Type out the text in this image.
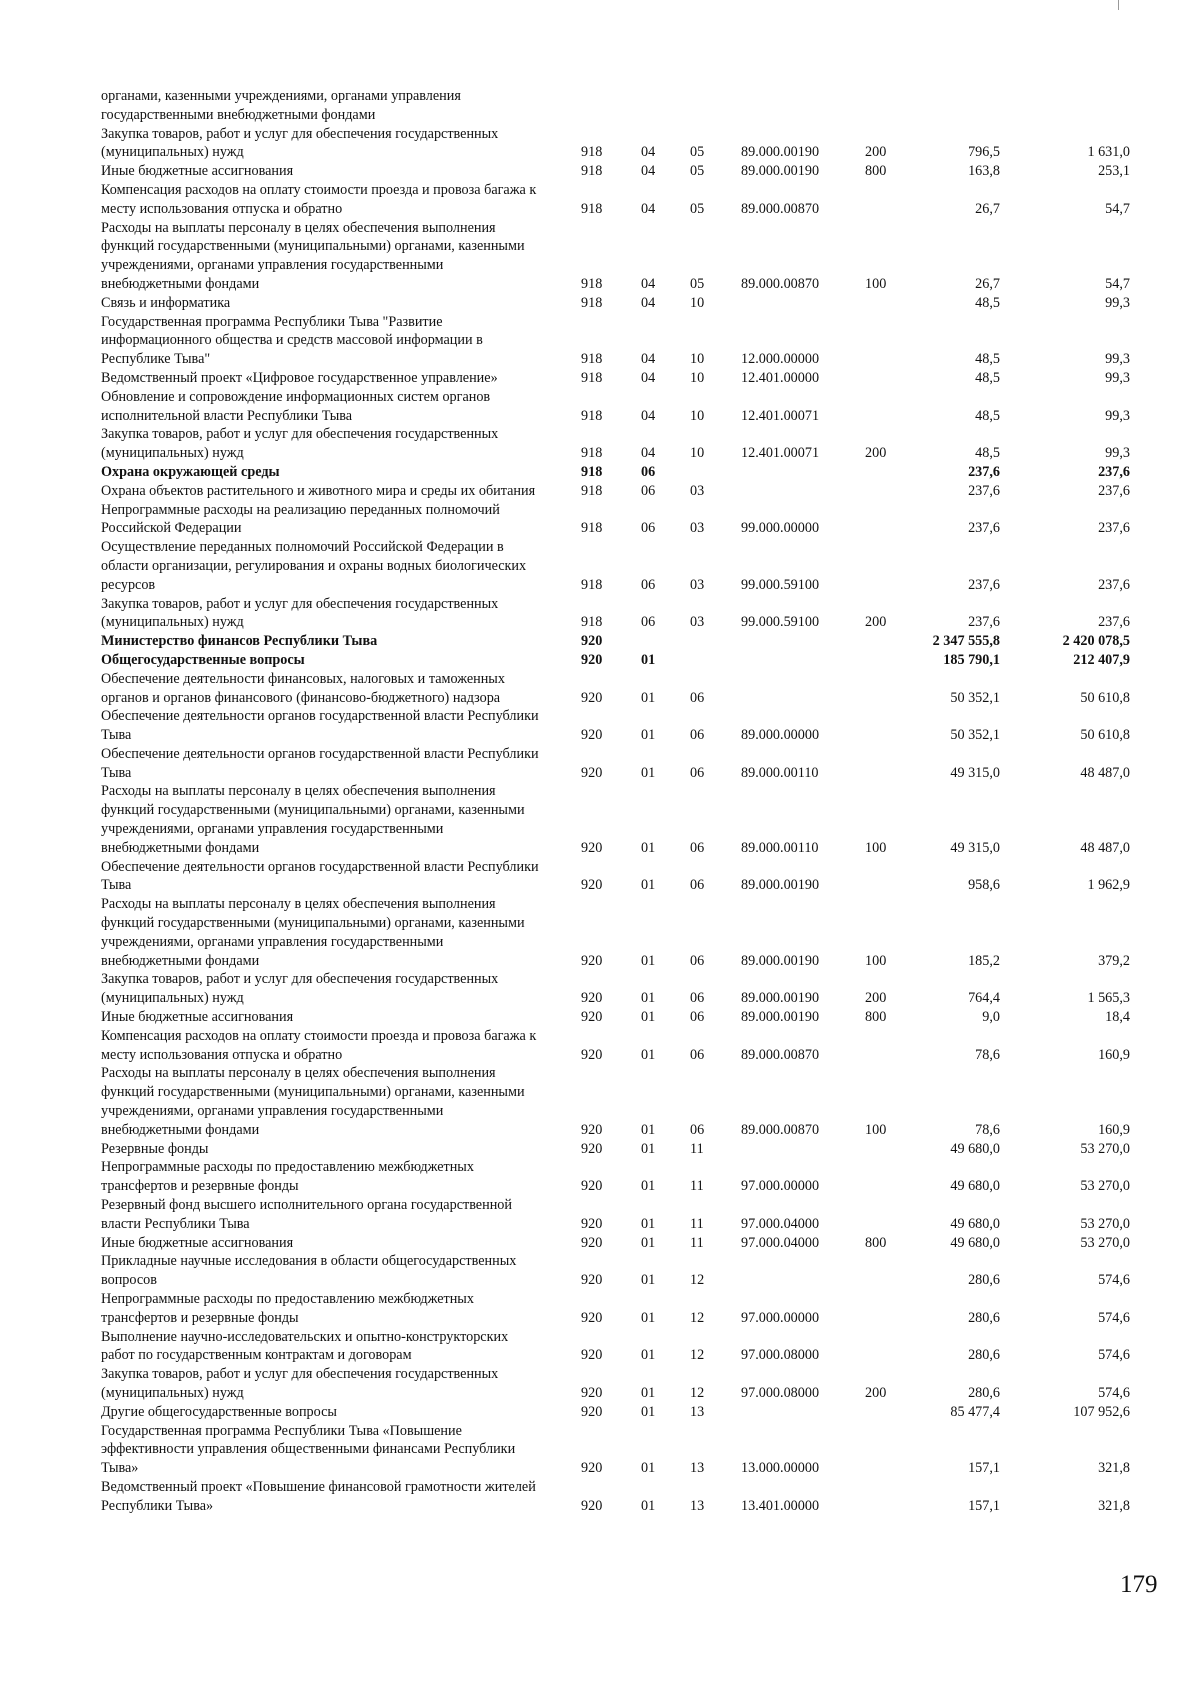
органами, казенными учреждениями, органами управления государственными внебюджетными фондами
Закупка товаров, работ и услуг для обеспечения государственных (муниципальных) нужд	918	04 05	89.000.00190	200	796,5	1 631,0
Иные бюджетные ассигнования	918	04 05	89.000.00190	800	163,8	253,1
Компенсация расходов на оплату стоимости проезда и провоза багажа к месту использования отпуска и обратно	918	04 05	89.000.00870	26,7	54,7
Расходы на выплаты персоналу в целях обеспечения выполнения функций государственными (муниципальными) органами, казенными учреждениями, органами управления государственными внебюджетными фондами	918	04 05	89.000.00870	100	26,7	54,7
Связь и информатика	918	04 10	48,5	99,3
Государственная программа Республики Тыва "Развитие информационного общества и средств массовой информации в Республике Тыва"	918	04 10	12.000.00000	48,5	99,3
Ведомственный проект «Цифровое государственное управление»	918	04 10	12.401.00000	48,5	99,3
Обновление и сопровождение информационных систем органов исполнительной власти Республики Тыва	918	04 10	12.401.00071	48,5	99,3
Закупка товаров, работ и услуг для обеспечения государственных (муниципальных) нужд	918	04 10	12.401.00071	200	48,5	99,3
Охрана окружающей среды	918	06	237,6	237,6
Охрана объектов растительного и животного мира и среды их обитания	918	06 03	237,6	237,6
Непрограммные расходы на реализацию переданных полномочий Российской Федерации	918	06 03	99.000.00000	237,6	237,6
Осуществление переданных полномочий Российской Федерации в области организации, регулирования и охраны водных биологических ресурсов	918	06 03	99.000.59100	237,6	237,6
Закупка товаров, работ и услуг для обеспечения государственных (муниципальных) нужд	918	06 03	99.000.59100	200	237,6	237,6
Министерство финансов Республики Тыва	920	2 347 555,8	2 420 078,5
Общегосударственные вопросы	920	01	185 790,1	212 407,9
Обеспечение деятельности финансовых, налоговых и таможенных органов и органов финансового (финансово-бюджетного) надзора	920	01 06	50 352,1	50 610,8
Обеспечение деятельности органов государственной власти Республики Тыва	920	01 06	89.000.00000	50 352,1	50 610,8
Обеспечение деятельности органов государственной власти Республики Тыва	920	01 06	89.000.00110	49 315,0	48 487,0
Расходы на выплаты персоналу в целях обеспечения выполнения функций государственными (муниципальными) органами, казенными учреждениями, органами управления государственными внебюджетными фондами	920	01 06	89.000.00110	100	49 315,0	48 487,0
Обеспечение деятельности органов государственной власти Республики Тыва	920	01 06	89.000.00190	958,6	1 962,9
Расходы на выплаты персоналу в целях обеспечения выполнения функций государственными (муниципальными) органами, казенными учреждениями, органами управления государственными внебюджетными фондами	920	01 06	89.000.00190	100	185,2	379,2
Закупка товаров, работ и услуг для обеспечения государственных (муниципальных) нужд	920	01 06	89.000.00190	200	764,4	1 565,3
Иные бюджетные ассигнования	920	01 06	89.000.00190	800	9,0	18,4
Компенсация расходов на оплату стоимости проезда и провоза багажа к месту использования отпуска и обратно	920	01 06	89.000.00870	78,6	160,9
Расходы на выплаты персоналу в целях обеспечения выполнения функций государственными (муниципальными) органами, казенными учреждениями, органами управления государственными внебюджетными фондами	920	01 06	89.000.00870	100	78,6	160,9
Резервные фонды	920	01 11	49 680,0	53 270,0
Непрограммные расходы по предоставлению межбюджетных трансфертов и резервные фонды	920	01 11	97.000.00000	49 680,0	53 270,0
Резервный фонд высшего исполнительного органа государственной власти Республики Тыва	920	01 11	97.000.04000	49 680,0	53 270,0
Иные бюджетные ассигнования	920	01 11	97.000.04000	800	49 680,0	53 270,0
Прикладные научные исследования в области общегосударственных вопросов	920	01 12	280,6	574,6
Непрограммные расходы по предоставлению межбюджетных трансфертов и резервные фонды	920	01 12	97.000.00000	280,6	574,6
Выполнение научно-исследовательских и опытно-конструкторских работ по государственным контрактам и договорам	920	01 12	97.000.08000	280,6	574,6
Закупка товаров, работ и услуг для обеспечения государственных (муниципальных) нужд	920	01 12	97.000.08000	200	280,6	574,6
Другие общегосударственные вопросы	920	01 13	85 477,4	107 952,6
Государственная программа Республики Тыва «Повышение эффективности управления общественными финансами Республики Тыва»	920	01 13	13.000.00000	157,1	321,8
Ведомственный проект «Повышение финансовой грамотности жителей Республики Тыва»	920	01 13	13.401.00000	157,1	321,8
179
